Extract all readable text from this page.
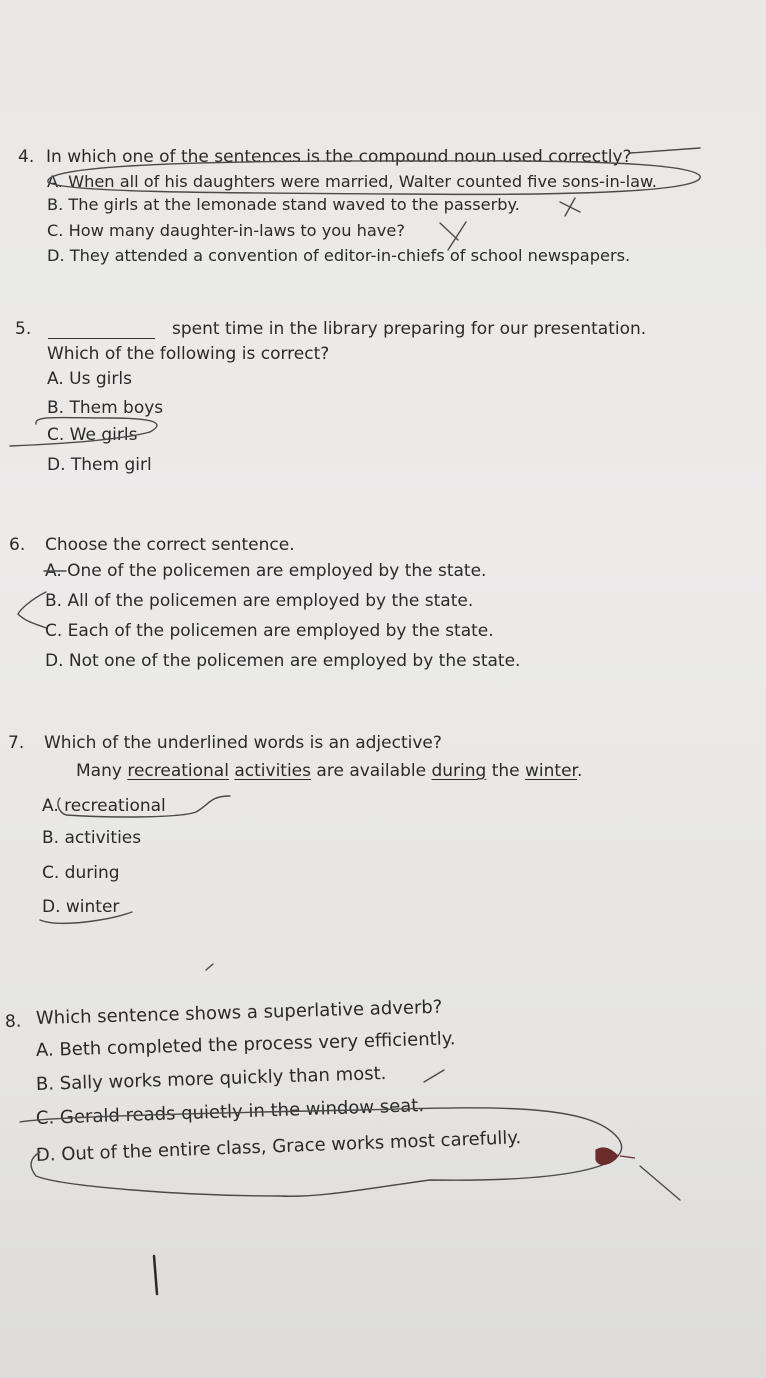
4. In which one of the sentences is the compound noun used correctly?
A. When all of his daughters were married, Walter counted five sons-in-law.
B. The girls at the lemonade stand waved to the passerby.
C. How many daughter-in-laws to you have?
D. They attended a convention of editor-in-chiefs of school newspapers.
5.	spent time in the library preparing for our presentation.
Which of the following is correct?
A. Us girls
B. Them boys
C. We girls
D. Them girl
6. Choose the correct sentence.
A. One of the policemen are employed by the state.
B. All of the policemen are employed by the state.
C. Each of the policemen are employed by the state.
D. Not one of the policemen are employed by the state.
7. Which of the underlined words is an adjective?
Many recreational activities are available during the winter.
A. recreational
B. activities
C. during
D. winter
8. Which sentence shows a superlative adverb?
A. Beth completed the process very efficiently.
B. Sally works more quickly than most.
C. Gerald reads quietly in the window seat.
D. Out of the entire class, Grace works most carefully.
